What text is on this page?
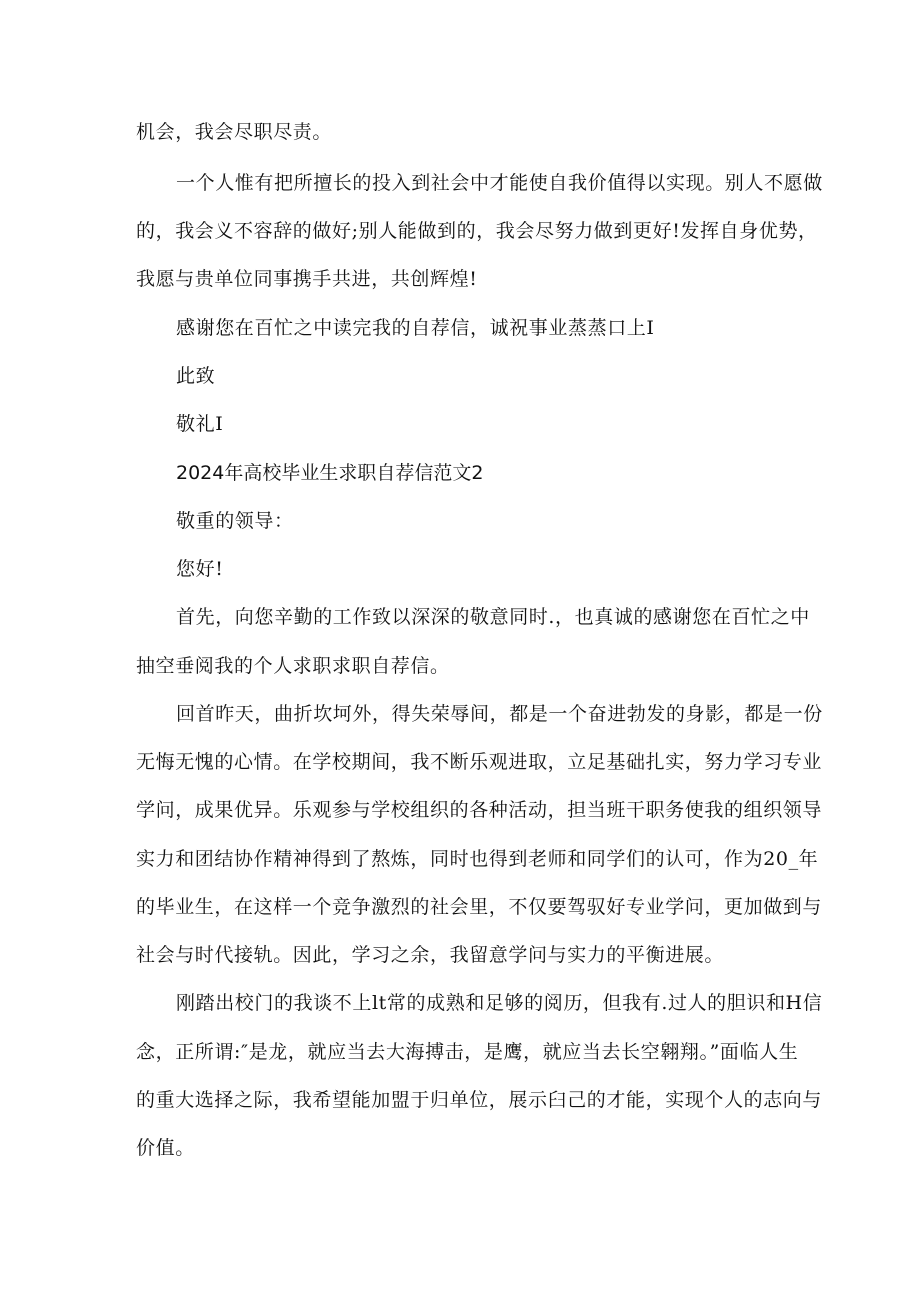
机会，我会尽职尽责。
一个人惟有把所擅长的投入到社会中才能使自我价值得以实现。别人不愿做
的，我会义不容辞的做好;别人能做到的，我会尽努力做到更好!发挥自身优势，
我愿与贵单位同事携手共进，共创辉煌!
感谢您在百忙之中读完我的自荐信，诚祝事业蒸蒸口上I
此致
敬礼I
2024年高校毕业生求职自荐信范文2
敬重的领导：
您好!
首先，向您辛勤的工作致以深深的敬意同时.，也真诚的感谢您在百忙之中
抽空垂阅我的个人求职求职自荐信。
回首昨天，曲折坎坷外，得失荣辱间，都是一个奋进勃发的身影，都是一份
无悔无愧的心情。在学校期间，我不断乐观进取，立足基础扎实，努力学习专业
学问，成果优异。乐观参与学校组织的各种活动，担当班干职务使我的组织领导
实力和团结协作精神得到了熬炼，同时也得到老师和同学们的认可，作为20_年
的毕业生，在这样一个竞争激烈的社会里，不仅要驾驭好专业学问，更加做到与
社会与时代接轨。因此，学习之余，我留意学问与实力的平衡进展。
刚踏出校门的我谈不上lt常的成熟和足够的阅历，但我有.过人的胆识和H信
念，正所谓:″是龙，就应当去大海搏击，是鹰，就应当去长空翱翔。”面临人生
的重大选择之际，我希望能加盟于归单位，展示臼己的才能，实现个人的志向与
价值。
